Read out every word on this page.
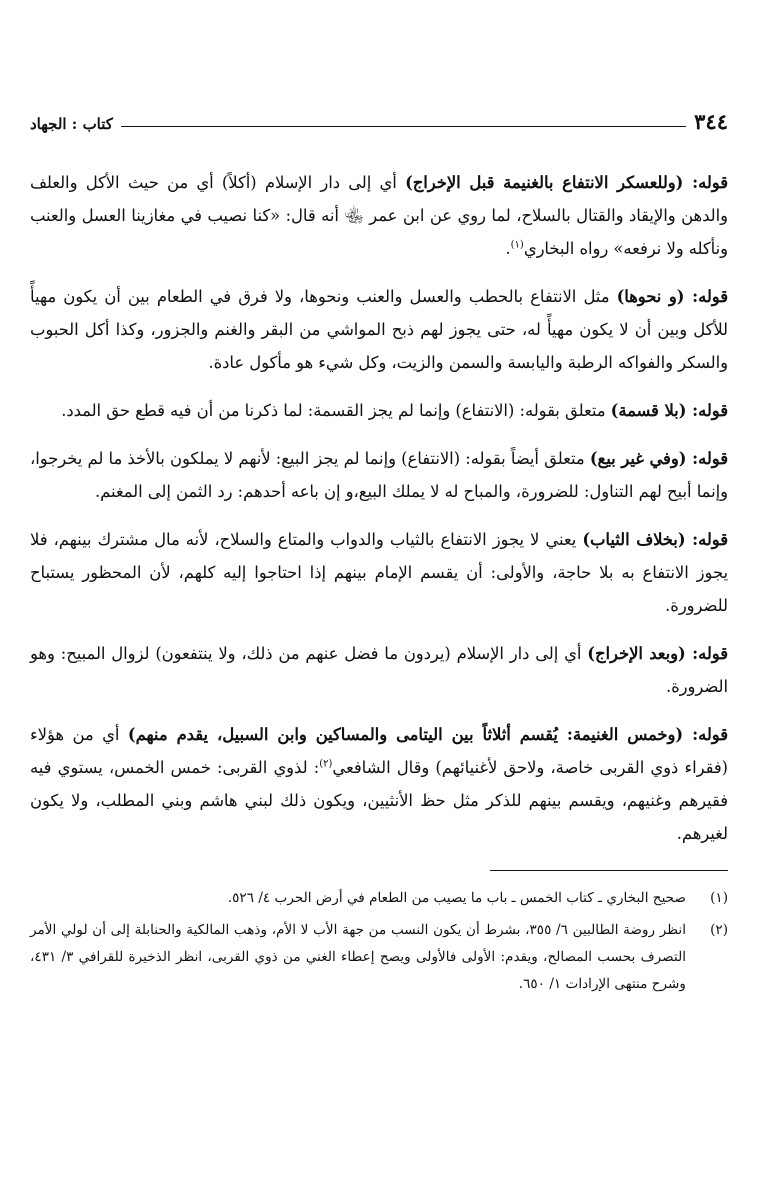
٣٤٤
كتاب : الجهاد

قوله: (وللعسكر الانتفاع بالغنيمة قبل الإخراج) أي إلى دار الإسلام (أكلاً) أي من حيث الأكل والعلف والدهن والإيقاد والقتال بالسلاح، لما روي عن ابن عمر ﵄ أنه قال: «كنا نصيب في مغازينا العسل والعنب ونأكله ولا نرفعه» رواه البخاري$^{(١)}$.

قوله: (و نحوها) مثل الانتفاع بالحطب والعسل والعنب ونحوها، ولا فرق في الطعام بين أن يكون مهيأً للأكل وبين أن لا يكون مهيأً له، حتى يجوز لهم ذبح المواشي من البقر والغنم والجزور، وكذا أكل الحبوب والسكر والفواكه الرطبة واليابسة والسمن والزيت، وكل شيء هو مأكول عادة.

قوله: (بلا قسمة) متعلق بقوله: (الانتفاع) وإنما لم يجز القسمة: لما ذكرنا من أن فيه قطع حق المدد.

قوله: (وفي غير بيع) متعلق أيضاً بقوله: (الانتفاع) وإنما لم يجز البيع: لأنهم لا يملكون بالأخذ ما لم يخرجوا، وإنما أبيح لهم التناول: للضرورة، والمباح له لا يملك البيع،و إن باعه أحدهم: رد الثمن إلى المغنم.

قوله: (بخلاف الثياب) يعني لا يجوز الانتفاع بالثياب والدواب والمتاع والسلاح، لأنه مال مشترك بينهم، فلا يجوز الانتفاع به بلا حاجة، والأولى: أن يقسم الإمام بينهم إذا احتاجوا إليه كلهم، لأن المحظور يستباح للضرورة.

قوله: (وبعد الإخراج) أي إلى دار الإسلام (يردون ما فضل عنهم من ذلك، ولا ينتفعون) لزوال المبيح: وهو الضرورة.

قوله: (وخمس الغنيمة: يُقسم أثلاثاً بين اليتامى والمساكين وابن السبيل، يقدم منهم) أي من هؤلاء (فقراء ذوي القربى خاصة، ولاحق لأغنيائهم) وقال الشافعي$^{(٢)}$: لذوي القربى: خمس الخمس، يستوي فيه فقيرهم وغنيهم، ويقسم بينهم للذكر مثل حظ الأنثيين، ويكون ذلك لبني هاشم وبني المطلب، ولا يكون لغيرهم.

(١)
صحيح البخاري ـ كتاب الخمس ـ باب ما يصيب من الطعام في أرض الحرب ٤/ ٥٢٦.
(٢)
انظر روضة الطالبين ٦/ ٣٥٥، بشرط أن يكون النسب من جهة الأب لا الأم، وذهب المالكية والحنابلة إلى أن لولي الأمر التصرف بحسب المصالح، ويقدم: الأولى فالأولى ويصح إعطاء الغني من ذوي القربى، انظر الذخيرة للقرافي ٣/ ٤٣١، وشرح منتهى الإرادات ١/ ٦٥٠.
